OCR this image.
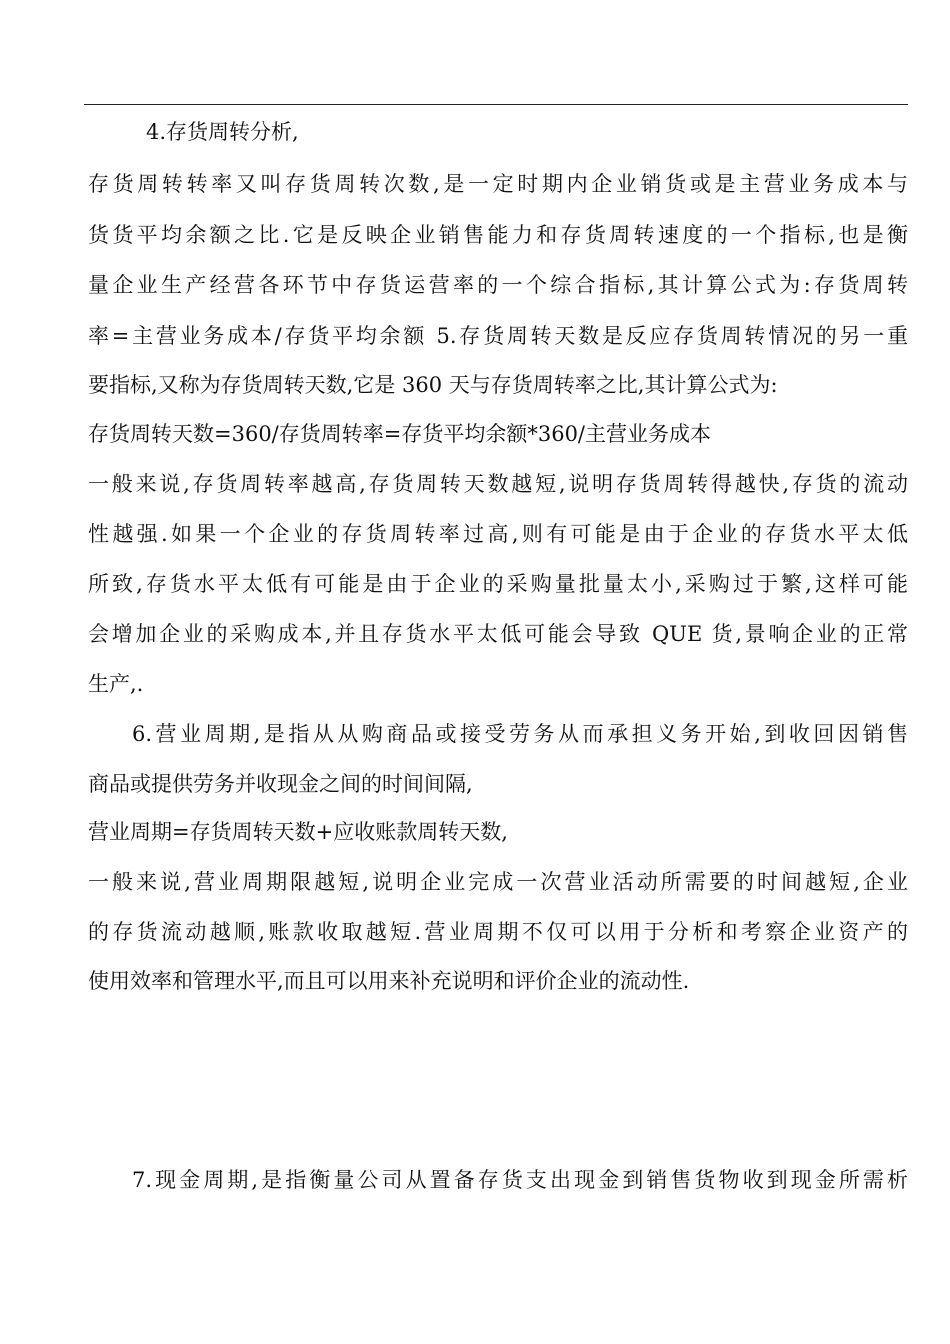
4.存货周转分析,
存货周转转率又叫存货周转次数,是一定时期内企业销货或是主营业务成本与
货货平均余额之比.它是反映企业销售能力和存货周转速度的一个指标,也是衡
量企业生产经营各环节中存货运营率的一个综合指标,其计算公式为:存货周转
率=主营业务成本/存货平均余额 5.存货周转天数是反应存货周转情况的另一重
要指标,又称为存货周转天数,它是 360 天与存货周转率之比,其计算公式为:
存货周转天数=360/存货周转率=存货平均余额*360/主营业务成本
一般来说,存货周转率越高,存货周转天数越短,说明存货周转得越快,存货的流动
性越强.如果一个企业的存货周转率过高,则有可能是由于企业的存货水平太低
所致,存货水平太低有可能是由于企业的采购量批量太小,采购过于繁,这样可能
会增加企业的采购成本,并且存货水平太低可能会导致 QUE 货,景响企业的正常
生产,.
6.营业周期,是指从从购商品或接受劳务从而承担义务开始,到收回因销售
商品或提供劳务并收现金之间的时间间隔,
营业周期=存货周转天数+应收账款周转天数,
一般来说,营业周期限越短,说明企业完成一次营业活动所需要的时间越短,企业
的存货流动越顺,账款收取越短.营业周期不仅可以用于分析和考察企业资产的
使用效率和管理水平,而且可以用来补充说明和评价企业的流动性.
7.现金周期,是指衡量公司从置备存货支出现金到销售货物收到现金所需析
